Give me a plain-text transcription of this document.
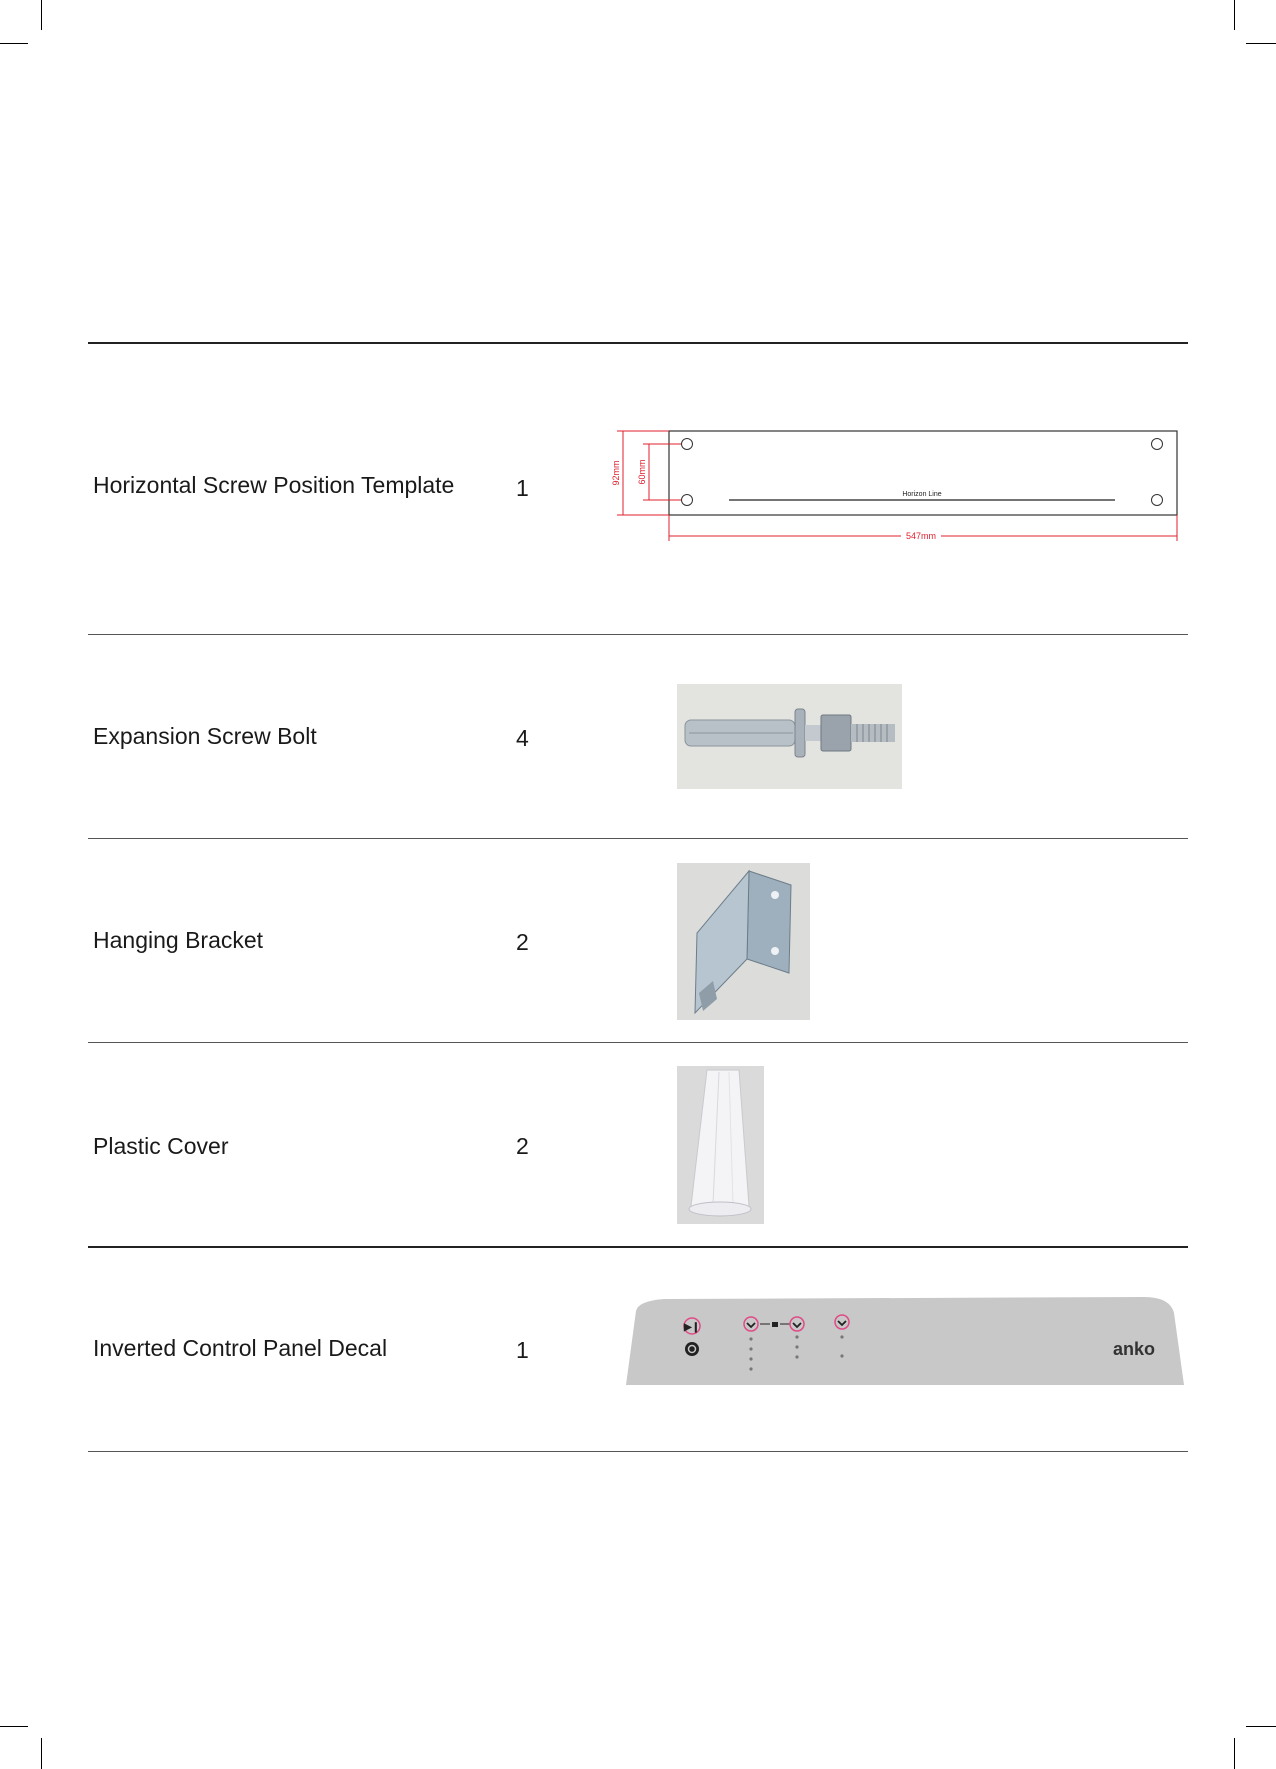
Horizontal Screw Position Template	1	Horizon Line
92mm 60mm
547mm
Expansion Screw Bolt	4
Hanging Bracket	2
Plastic Cover	2
Inverted Control Panel Decal	1
▶❙
anko
